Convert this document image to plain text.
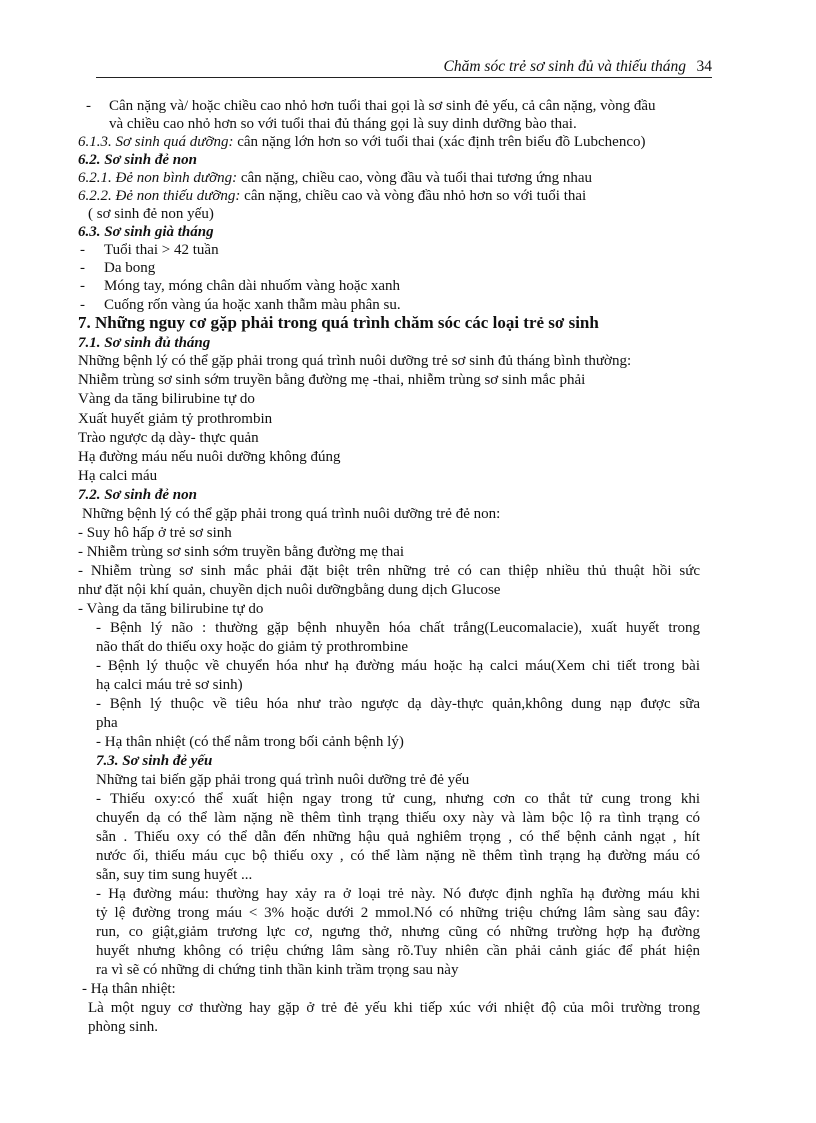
Chăm sóc trẻ sơ sinh đủ và thiếu tháng 34
- Cân nặng và/ hoặc chiều cao nhỏ hơn tuổi thai gọi là sơ sinh đẻ yếu, cả cân nặng, vòng đầu
và chiều cao nhỏ hơn so với tuổi thai đủ tháng gọi là suy dinh dưỡng bào thai.
6.1.3. Sơ sinh quá dưỡng: cân nặng lớn hơn so với tuổi thai (xác định trên biểu đồ Lubchenco)
6.2. Sơ sinh đẻ non
6.2.1. Đẻ non bình dưỡng: cân nặng, chiều cao, vòng đầu và tuổi thai tương ứng nhau
6.2.2. Đẻ non thiếu dưỡng: cân nặng, chiều cao và vòng đầu nhỏ hơn so với tuổi thai
( sơ sinh đẻ non yếu)
6.3. Sơ sinh già tháng
- Tuổi thai > 42 tuần
- Da bong
- Móng tay, móng chân dài nhuốm vàng hoặc xanh
- Cuống rốn vàng úa hoặc xanh thẫm màu phân su.
7. Những nguy cơ gặp phải trong quá trình chăm sóc các loại trẻ sơ sinh
7.1. Sơ sinh đủ tháng
Những bệnh lý có thể gặp phải trong quá trình nuôi dưỡng trẻ sơ sinh đủ tháng bình thường:
Nhiễm trùng sơ sinh sớm truyền bằng đường mẹ -thai, nhiễm trùng sơ sinh mắc phải
Vàng da tăng bilirubine tự do
Xuất huyết giảm tỷ prothrombin
Trào ngược dạ dày- thực quản
Hạ đường máu nếu nuôi dưỡng không đúng
Hạ calci máu
7.2. Sơ sinh đẻ non
Những bệnh lý có thể gặp phải trong quá trình nuôi dưỡng trẻ đẻ non:
- Suy hô hấp ở trẻ sơ sinh
- Nhiễm trùng sơ sinh sớm truyền bằng đường mẹ thai
- Nhiễm trùng sơ sinh mắc phải đặt biệt trên những trẻ có can thiệp nhiều thủ thuật hồi sức
như đặt nội khí quản, chuyền dịch nuôi dưỡngbằng dung dịch Glucose
- Vàng da tăng bilirubine tự do
- Bệnh lý não : thường gặp bệnh nhuyễn hóa chất trắng(Leucomalacie), xuất huyết trong
não thất do thiếu oxy hoặc do giảm tỷ prothrombine
- Bệnh lý thuộc về chuyển hóa như hạ đường máu hoặc hạ calci máu(Xem chi tiết trong bài
hạ calci máu trẻ sơ sinh)
- Bệnh lý thuộc về tiêu hóa như trào ngược dạ dày-thực quản,không dung nạp được sữa
pha
- Hạ thân nhiệt (có thể nằm trong bối cảnh bệnh lý)
7.3. Sơ sinh đẻ yếu
Những tai biến gặp phải trong quá trình nuôi dưỡng trẻ đẻ yếu
- Thiếu oxy:có thể xuất hiện ngay trong tử cung, nhưng cơn co thắt tử cung trong khi
chuyển dạ có thể làm nặng nề thêm tình trạng thiếu oxy này và làm bộc lộ ra tình trạng có
sẵn . Thiếu oxy có thể dẫn đến những hậu quả nghiêm trọng , có thể bệnh cảnh ngạt , hít
nước ối, thiếu máu cục bộ thiếu oxy , có thể làm nặng nề thêm tình trạng hạ đường máu có
sẵn, suy tim sung huyết ...
- Hạ đường máu: thường hay xảy ra ở loại trẻ này. Nó được định nghĩa hạ đường máu khi
tỷ lệ đường trong máu < 3% hoặc dưới 2 mmol.Nó có những triệu chứng lâm sàng sau đây:
run, co giật,giảm trương lực cơ, ngưng thở, nhưng cũng có những trường hợp hạ đường
huyết nhưng không có triệu chứng lâm sàng rõ.Tuy nhiên cần phải cảnh giác để phát hiện
ra vì sẽ có những di chứng tinh thần kinh trầm trọng sau này
- Hạ thân nhiệt:
Là một nguy cơ thường hay gặp ở trẻ đẻ yếu khi tiếp xúc với nhiệt độ của môi trường trong
phòng sinh.
